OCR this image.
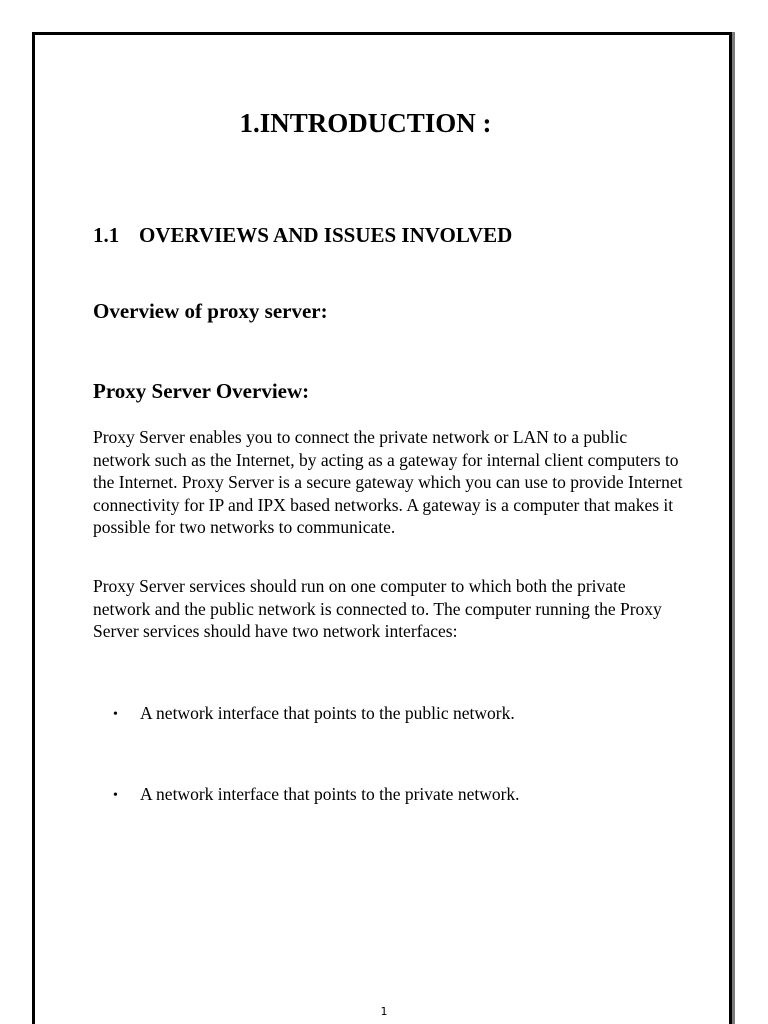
1.INTRODUCTION :
1.1 OVERVIEWS AND ISSUES INVOLVED
Overview of proxy server:
Proxy Server Overview:

Proxy Server enables you to connect the private network or LAN to a public network such as the Internet, by acting as a gateway for internal client computers to the Internet. Proxy Server is a secure gateway which you can use to provide Internet connectivity for IP and IPX based networks. A gateway is a computer that makes it possible for two networks to communicate.

Proxy Server services should run on one computer to which both the private network and the public network is connected to. The computer running the Proxy Server services should have two network interfaces:

• A network interface that points to the public network.

• A network interface that points to the private network.

1
